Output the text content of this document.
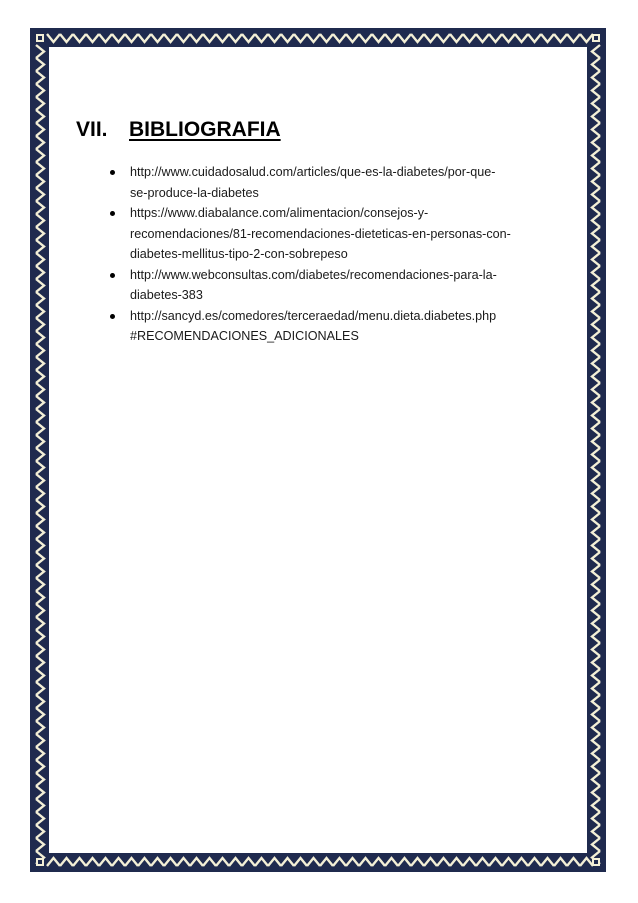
VII. BIBLIOGRAFIA
http://www.cuidadosalud.com/articles/que-es-la-diabetes/por-que-
se-produce-la-diabetes
https://www.diabalance.com/alimentacion/consejos-y-
recomendaciones/81-recomendaciones-dieteticas-en-personas-con-
diabetes-mellitus-tipo-2-con-sobrepeso
http://www.webconsultas.com/diabetes/recomendaciones-para-la-
diabetes-383
http://sancyd.es/comedores/terceraedad/menu.dieta.diabetes.php
#RECOMENDACIONES_ADICIONALES
